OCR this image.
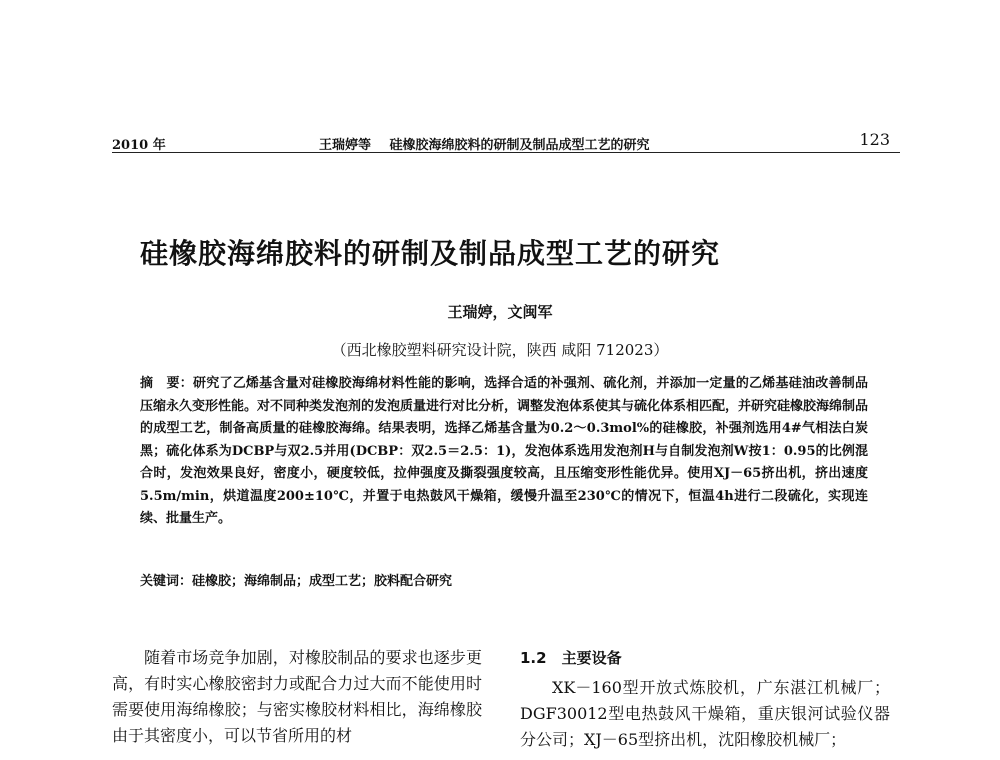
2010 年	王瑞婷等 硅橡胶海绵胶料的研制及制品成型工艺的研究	123
硅橡胶海绵胶料的研制及制品成型工艺的研究
王瑞婷，文闽军
（西北橡胶塑料研究设计院，陕西 咸阳 712023）
摘　要：研究了乙烯基含量对硅橡胶海绵材料性能的影响，选择合适的补强剂、硫化剂，并添加一定量的乙烯基硅油改善制品压缩永久变形性能。对不同种类发泡剂的发泡质量进行对比分析，调整发泡体系使其与硫化体系相匹配，并研究硅橡胶海绵制品的成型工艺，制备高质量的硅橡胶海绵。结果表明，选择乙烯基含量为0.2～0.3mol%的硅橡胶，补强剂选用4#气相法白炭黑；硫化体系为DCBP与双2.5并用(DCBP：双2.5＝2.5：1)，发泡体系选用发泡剂H与自制发泡剂W按1：0.95的比例混合时，发泡效果良好，密度小，硬度较低，拉伸强度及撕裂强度较高，且压缩变形性能优异。使用XJ－65挤出机，挤出速度5.5m/min，烘道温度200±10℃，并置于电热鼓风干燥箱，缓慢升温至230℃的情况下，恒温4h进行二段硫化，实现连续、批量生产。
关键词：硅橡胶；海绵制品；成型工艺；胶料配合研究
随着市场竞争加剧，对橡胶制品的要求也逐步更高，有时实心橡胶密封力或配合力过大而不能使用时需要使用海绵橡胶；与密实橡胶材料相比，海绵橡胶由于其密度小，可以节省所用的材
1.2　主要设备
XK－160型开放式炼胶机，广东湛江机械厂；DGF30012型电热鼓风干燥箱，重庆银河试验仪器分公司；XJ－65型挤出机，沈阳橡胶机械厂；
